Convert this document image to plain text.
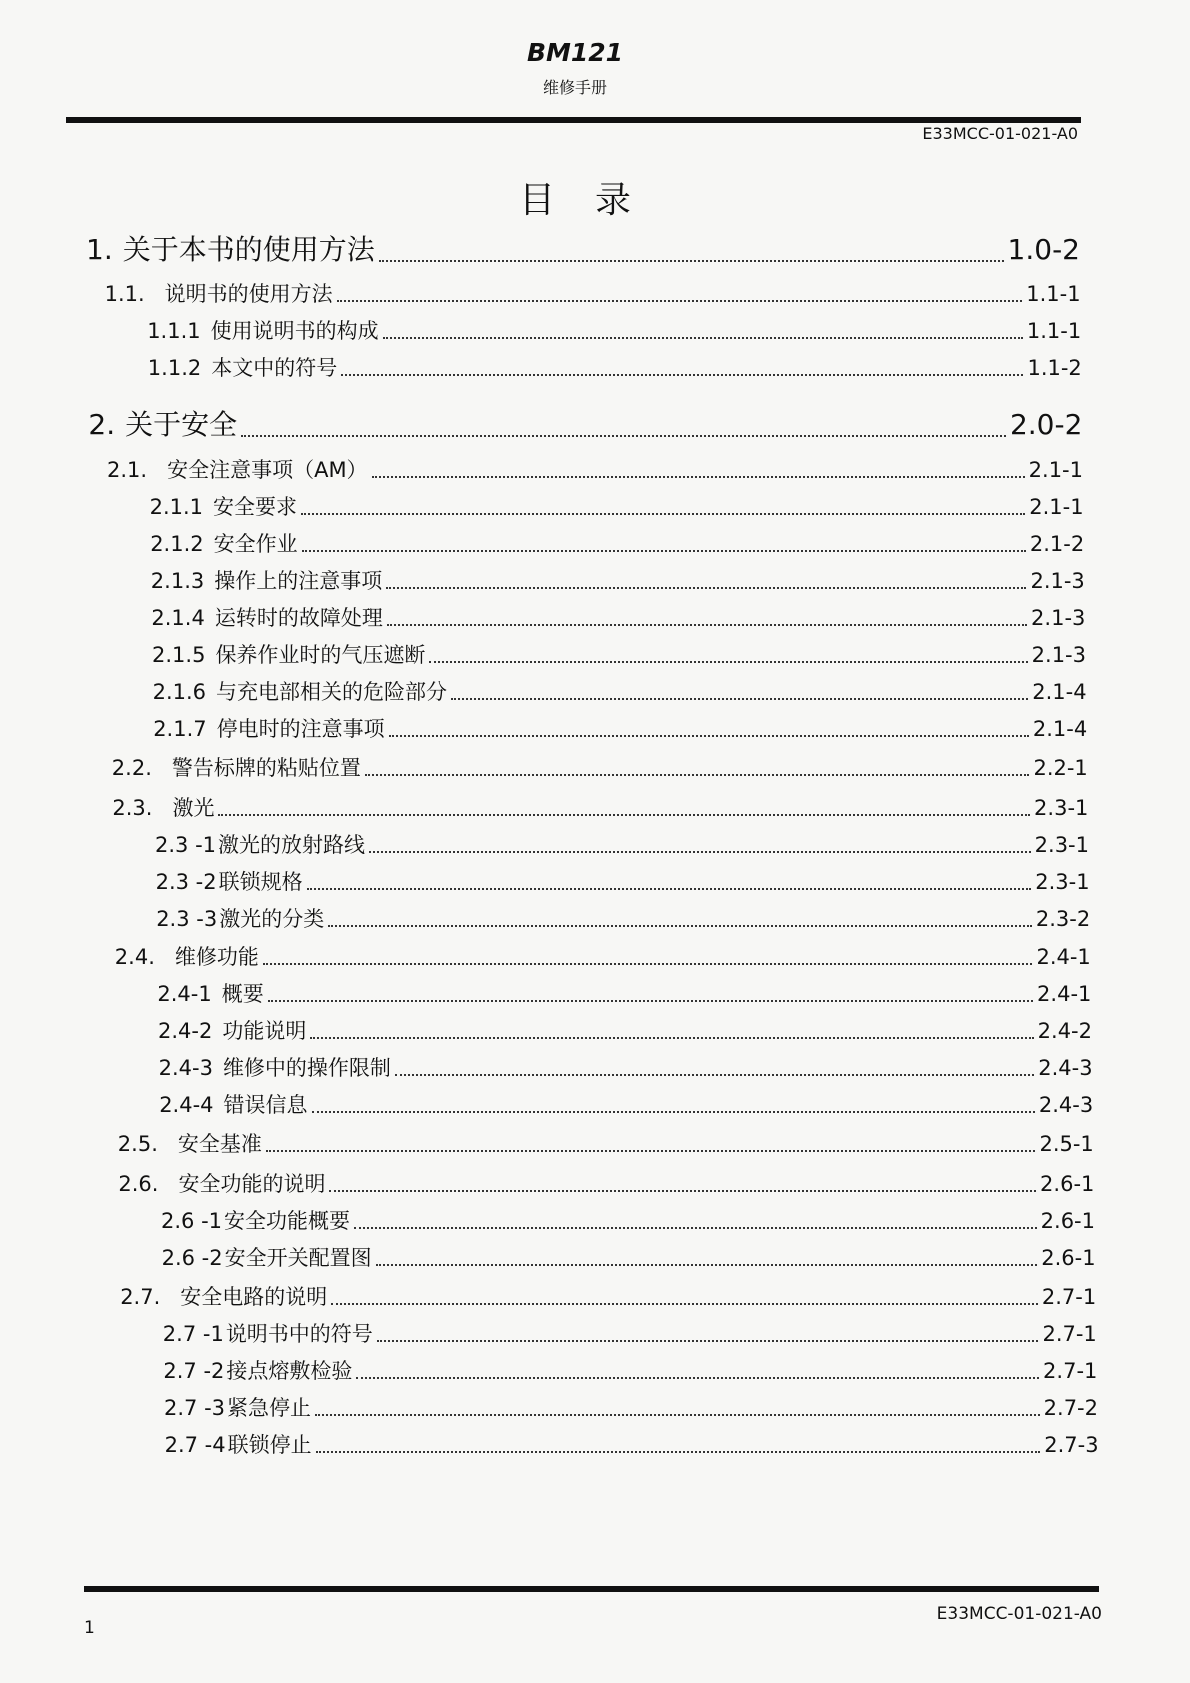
BM121
维修手册
E33MCC-01-021-A0
目录
1. 关于本书的使用方法	1.0-2
1.1. 说明书的使用方法	1.1-1
1.1.1 使用说明书的构成	1.1-1
1.1.2 本文中的符号	1.1-2
2. 关于安全	2.0-2
2.1. 安全注意事项（AM）	2.1-1
2.1.1 安全要求	2.1-1
2.1.2 安全作业	2.1-2
2.1.3 操作上的注意事项	2.1-3
2.1.4 运转时的故障处理	2.1-3
2.1.5 保养作业时的气压遮断	2.1-3
2.1.6 与充电部相关的危险部分	2.1-4
2.1.7 停电时的注意事项	2.1-4
2.2. 警告标牌的粘贴位置	2.2-1
2.3. 激光	2.3-1
2.3 -1 激光的放射路线	2.3-1
2.3 -2 联锁规格	2.3-1
2.3 -3 激光的分类	2.3-2
2.4. 维修功能	2.4-1
2.4-1 概要	2.4-1
2.4-2 功能说明	2.4-2
2.4-3 维修中的操作限制	2.4-3
2.4-4 错误信息	2.4-3
2.5. 安全基准	2.5-1
2.6. 安全功能的说明	2.6-1
2.6 -1 安全功能概要	2.6-1
2.6 -2 安全开关配置图	2.6-1
2.7. 安全电路的说明	2.7-1
2.7 -1 说明书中的符号	2.7-1
2.7 -2 接点熔敷检验	2.7-1
2.7 -3 紧急停止	2.7-2
2.7 -4 联锁停止	2.7-3
1
E33MCC-01-021-A0
